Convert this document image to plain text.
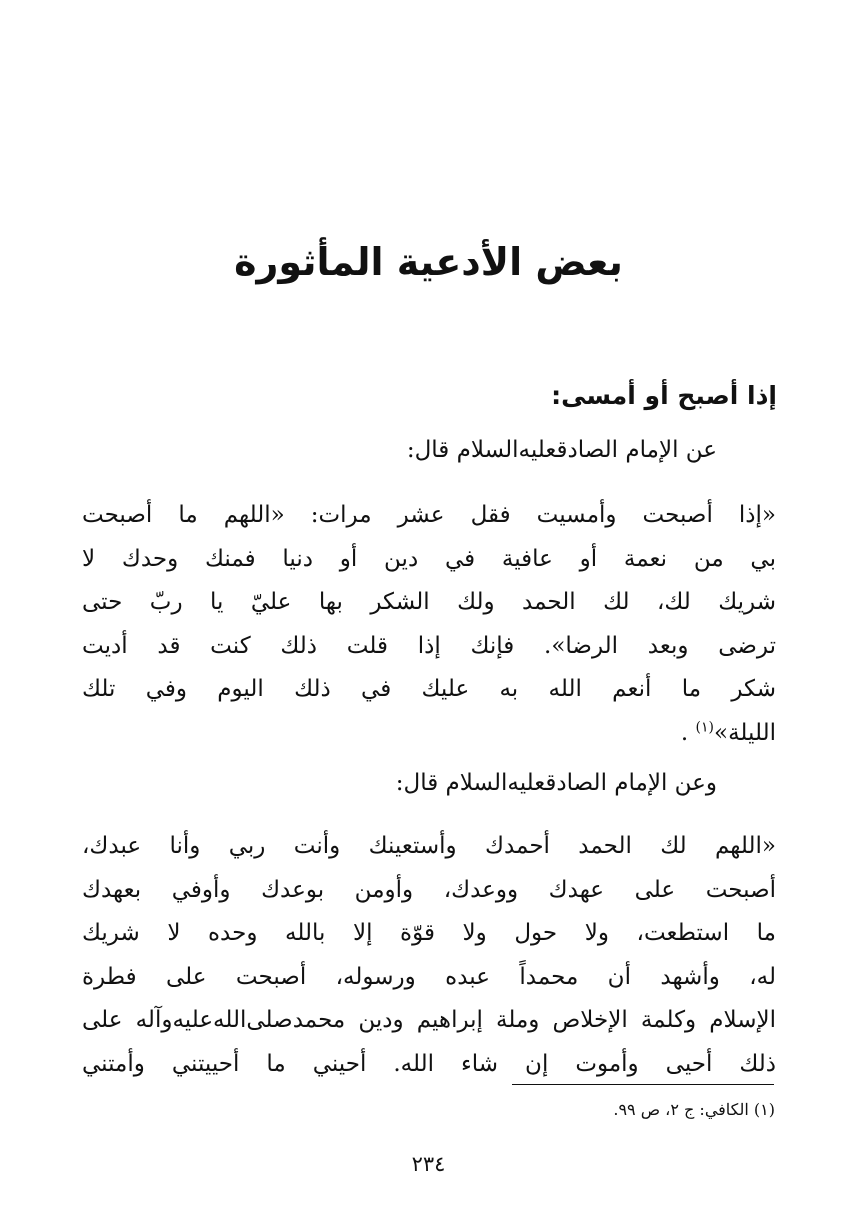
بعض الأدعية المأثورة
إذا أصبح أو أمسى:

عن الإمام الصادق‏عليه‌السلام قال:

«إذا أصبحت وأمسيت فقل عشر مرات: «اللهم ما أصبحت
بي من نعمة أو عافية في دين أو دنيا فمنك وحدك لا
شريك لك، لك الحمد ولك الشكر بها عليّ يا ربّ حتى
ترضى وبعد الرضا». فإنك إذا قلت ذلك كنت قد أديت
شكر ما أنعم الله به عليك في ذلك اليوم وفي تلك
الليلة»$^{(١)}$ .

وعن الإمام الصادق‏عليه‌السلام قال:

«اللهم لك الحمد أحمدك وأستعينك وأنت ربي وأنا عبدك،
أصبحت على عهدك ووعدك، وأومن بوعدك وأوفي بعهدك
ما استطعت، ولا حول ولا قوّة إلا بالله وحده لا شريك
له، وأشهد أن محمداً عبده ورسوله، أصبحت على فطرة
الإسلام وكلمة الإخلاص وملة إبراهيم ودين محمد‏صلى‌الله‌عليه‌وآله على
ذلك أحيى وأموت إن شاء الله. أحيني ما أحييتني وأمتني

(١) الكافي: ج ٢، ص ٩٩.

٢٣٤
